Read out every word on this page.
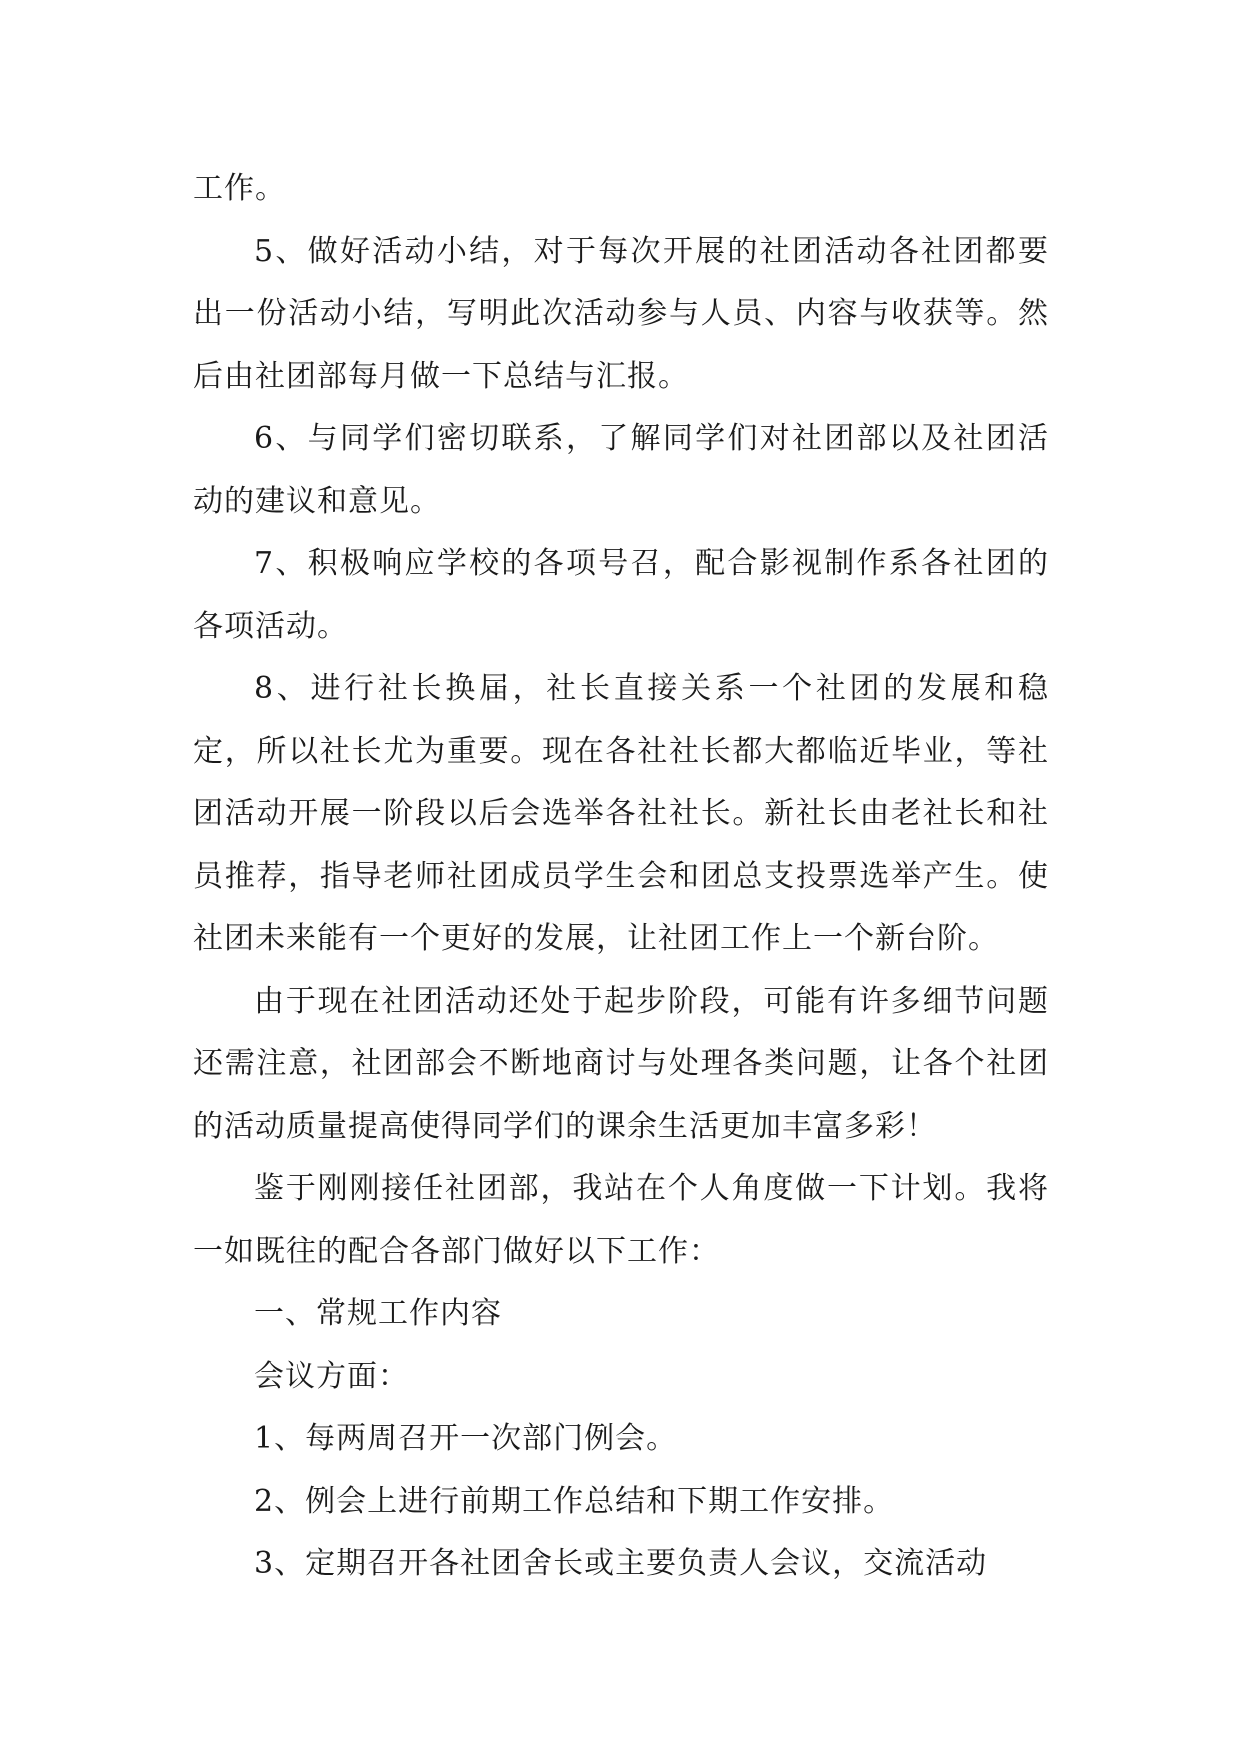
工作。

5、做好活动小结，对于每次开展的社团活动各社团都要出一份活动小结，写明此次活动参与人员、内容与收获等。然后由社团部每月做一下总结与汇报。

6、与同学们密切联系，了解同学们对社团部以及社团活动的建议和意见。

7、积极响应学校的各项号召，配合影视制作系各社团的各项活动。

8、进行社长换届，社长直接关系一个社团的发展和稳定，所以社长尤为重要。现在各社社长都大都临近毕业，等社团活动开展一阶段以后会选举各社社长。新社长由老社长和社员推荐，指导老师社团成员学生会和团总支投票选举产生。使社团未来能有一个更好的发展，让社团工作上一个新台阶。

由于现在社团活动还处于起步阶段，可能有许多细节问题还需注意，社团部会不断地商讨与处理各类问题，让各个社团的活动质量提高使得同学们的课余生活更加丰富多彩！

鉴于刚刚接任社团部，我站在个人角度做一下计划。我将一如既往的配合各部门做好以下工作：

一、常规工作内容

会议方面：

1、每两周召开一次部门例会。

2、例会上进行前期工作总结和下期工作安排。

3、定期召开各社团舍长或主要负责人会议，交流活动
